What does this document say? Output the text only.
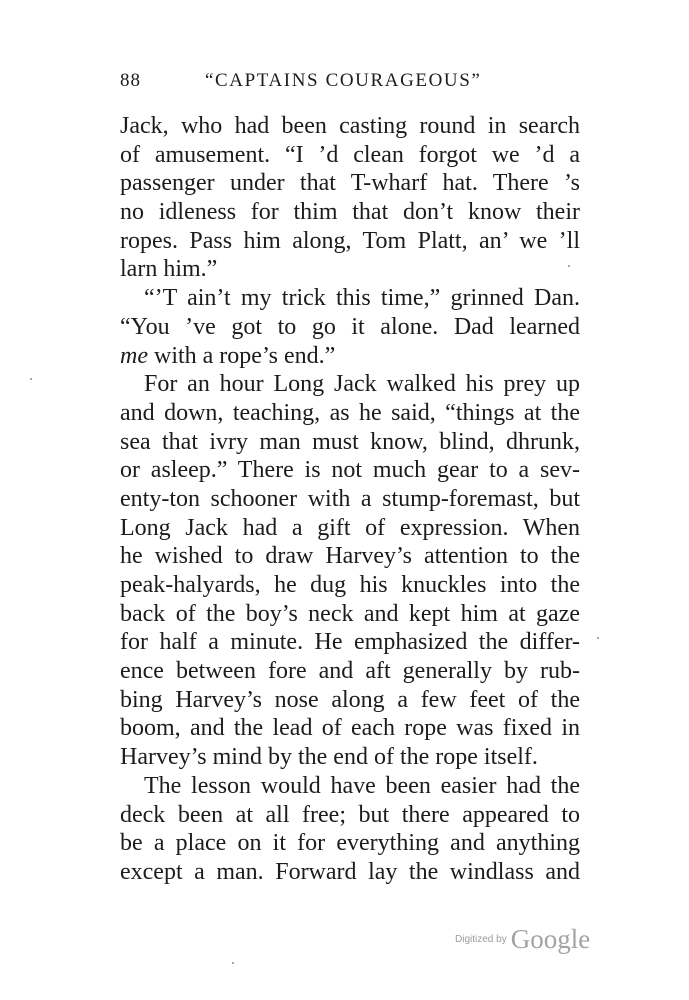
88	“CAPTAINS COURAGEOUS”
Jack, who had been casting round in search
of amusement. “I ’d clean forgot we ’d a
passenger under that T-wharf hat. There ’s
no idleness for thim that don’t know their
ropes. Pass him along, Tom Platt, an’ we ’ll
larn him.”
“’T ain’t my trick this time,” grinned Dan.
“You ’ve got to go it alone. Dad learned
me with a rope’s end.”
For an hour Long Jack walked his prey up
and down, teaching, as he said, “things at the
sea that ivry man must know, blind, dhrunk,
or asleep.” There is not much gear to a sev-
enty-ton schooner with a stump-foremast, but
Long Jack had a gift of expression. When
he wished to draw Harvey’s attention to the
peak-halyards, he dug his knuckles into the
back of the boy’s neck and kept him at gaze
for half a minute. He emphasized the differ-
ence between fore and aft generally by rub-
bing Harvey’s nose along a few feet of the
boom, and the lead of each rope was fixed in
Harvey’s mind by the end of the rope itself.
The lesson would have been easier had the
deck been at all free; but there appeared to
be a place on it for everything and anything
except a man. Forward lay the windlass and
Digitized by Google
